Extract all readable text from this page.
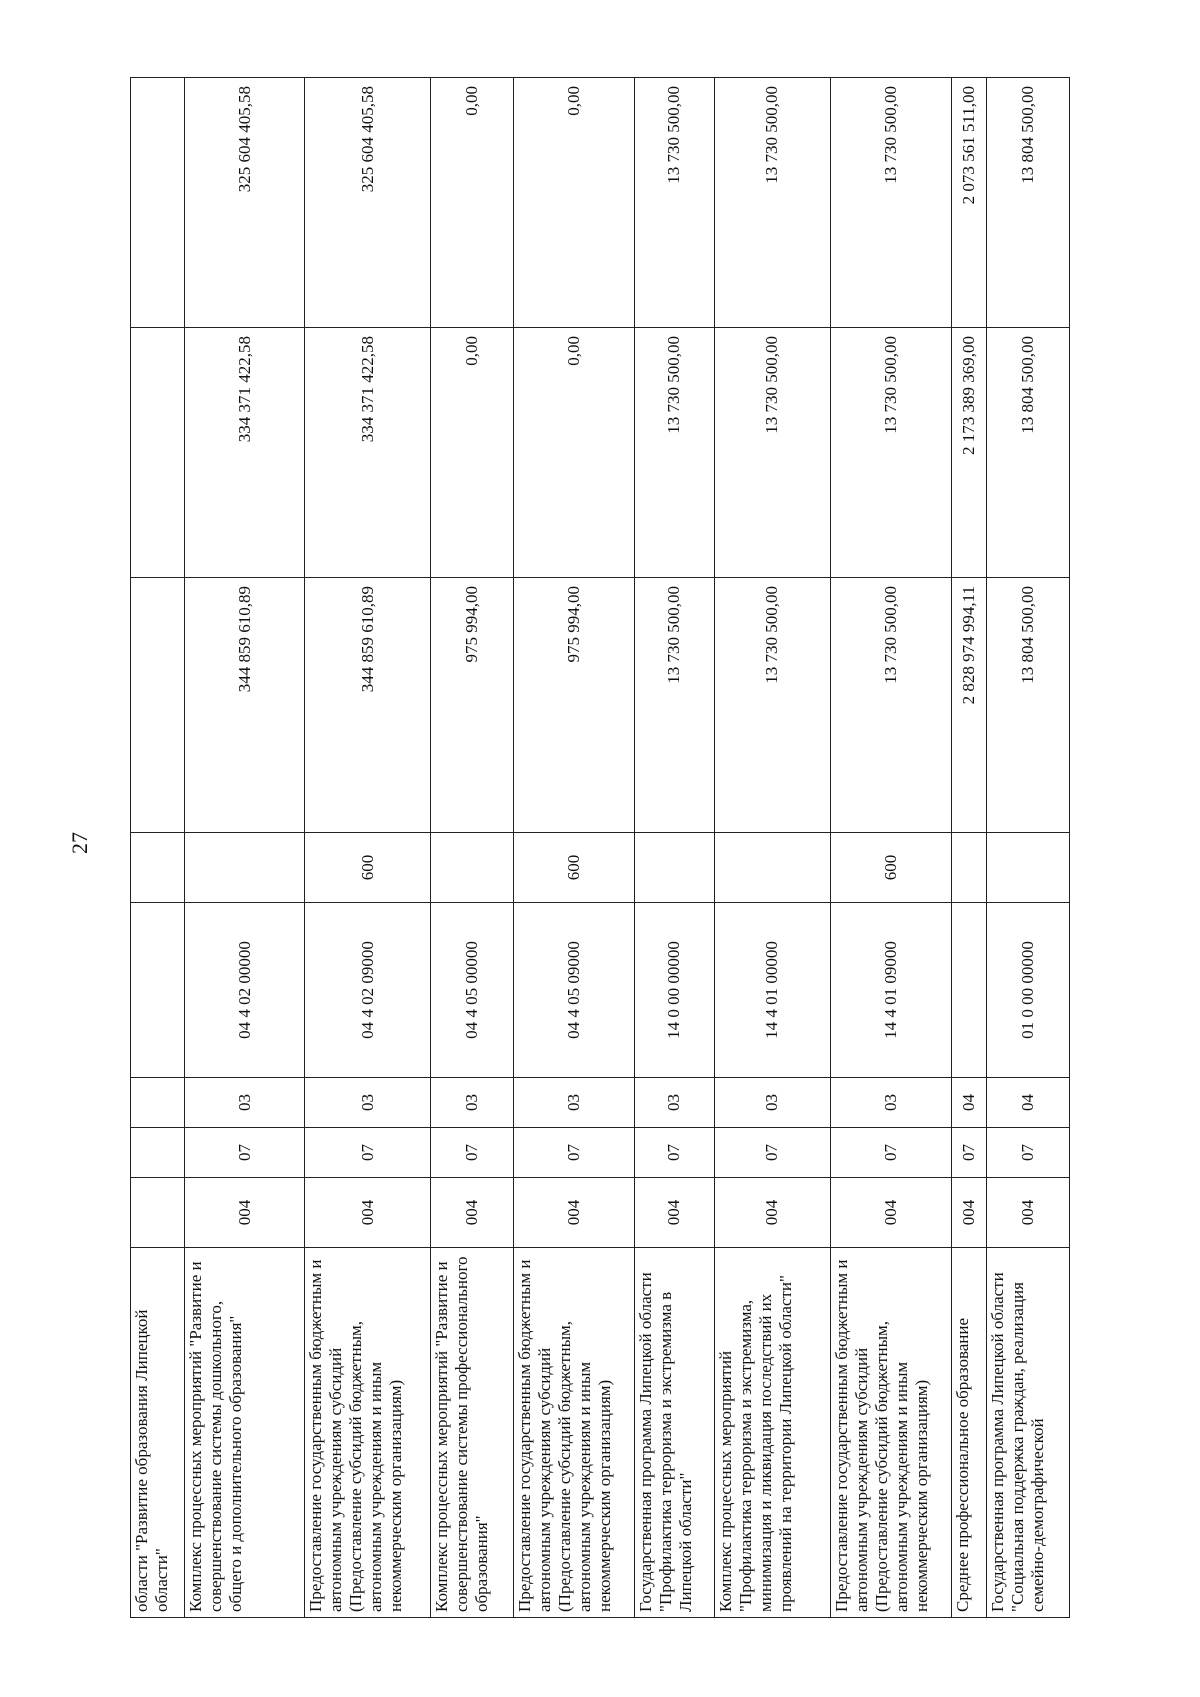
27
области "Развитие образования Липецкой области"								
Комплекс процессных мероприятий "Развитие и совершенствование системы дошкольного, общего и дополнительного образования"	004	07	03	04 4 02 00000		344 859 610,89	334 371 422,58	325 604 405,58
Предоставление государственным бюджетным и автономным учреждениям субсидий (Предоставление субсидий бюджетным, автономным учреждениям и иным некоммерческим организациям)	004	07	03	04 4 02 09000	600	344 859 610,89	334 371 422,58	325 604 405,58
Комплекс процессных мероприятий "Развитие и совершенствование системы профессионального образования"	004	07	03	04 4 05 00000		975 994,00	0,00	0,00
Предоставление государственным бюджетным и автономным учреждениям субсидий (Предоставление субсидий бюджетным, автономным учреждениям и иным некоммерческим организациям)	004	07	03	04 4 05 09000	600	975 994,00	0,00	0,00
Государственная программа Липецкой области "Профилактика терроризма и экстремизма в Липецкой области"	004	07	03	14 0 00 00000		13 730 500,00	13 730 500,00	13 730 500,00
Комплекс процессных мероприятий "Профилактика терроризма и экстремизма, минимизация и ликвидация последствий их проявлений на территории Липецкой области"	004	07	03	14 4 01 00000		13 730 500,00	13 730 500,00	13 730 500,00
Предоставление государственным бюджетным и автономным учреждениям субсидий (Предоставление субсидий бюджетным, автономным учреждениям и иным некоммерческим организациям)	004	07	03	14 4 01 09000	600	13 730 500,00	13 730 500,00	13 730 500,00
Среднее профессиональное образование	004	07	04			2 828 974 994,11	2 173 389 369,00	2 073 561 511,00
Государственная программа Липецкой области "Социальная поддержка граждан, реализация семейно-демографической	004	07	04	01 0 00 00000		13 804 500,00	13 804 500,00	13 804 500,00
